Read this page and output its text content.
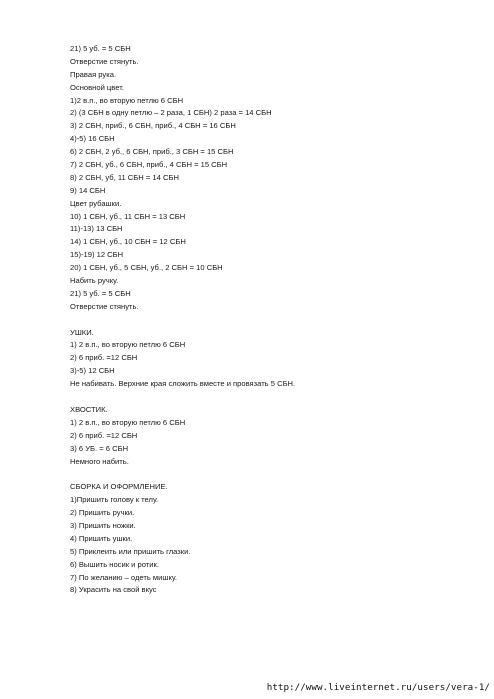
21) 5 уб. = 5 СБН
Отверстие стянуть.
Правая рука.
Основной цвет.
1)2 в.п., во вторую петлю 6 СБН
2) (3 СБН в одну петлю – 2 раза, 1 СБН) 2 раза = 14 СБН
3) 2 СБН, приб., 6 СБН, приб., 4 СБН = 16 СБН
4)-5) 16 СБН
6) 2 СБН, 2 уб., 6 СБН, приб., 3 СБН = 15 СБН
7) 2 СБН, уб., 6 СБН, приб., 4 СБН = 15 СБН
8) 2 СБН, уб, 11 СБН = 14 СБН
9) 14 СБН
Цвет рубашки.
10) 1 СБН, уб., 11 СБН = 13 СБН
11)-13) 13 СБН
14) 1 СБН, уб., 10 СБН = 12 СБН
15)-19) 12 СБН
20) 1 СБН, уб., 5 СБН, уб., 2 СБН = 10 СБН
Набить ручку.
21) 5 уб. = 5 СБН
Отверстие стянуть.
УШКИ.
1) 2 в.п., во вторую петлю 6 СБН
2) 6 приб. =12 СБН
3)-5) 12 СБН
Не набивать. Верхние края сложить вместе и провязать 5 СБН.
ХВОСТИК.
1) 2 в.п., во вторую петлю 6 СБН
2) 6 приб. =12 СБН
3) 6 УБ. = 6 СБН
Немного набить.
СБОРКА И ОФОРМЛЕНИЕ.
1)Пришить голову к телу.
2) Пришить ручки.
3) Пришить ножки.
4) Пришить ушки.
5) Приклеить или пришить глазки.
6) Вышить носик и ротик.
7) По желанию – одеть мишку.
8) Украсить на свой вкус
http://www.liveinternet.ru/users/vera-1/
